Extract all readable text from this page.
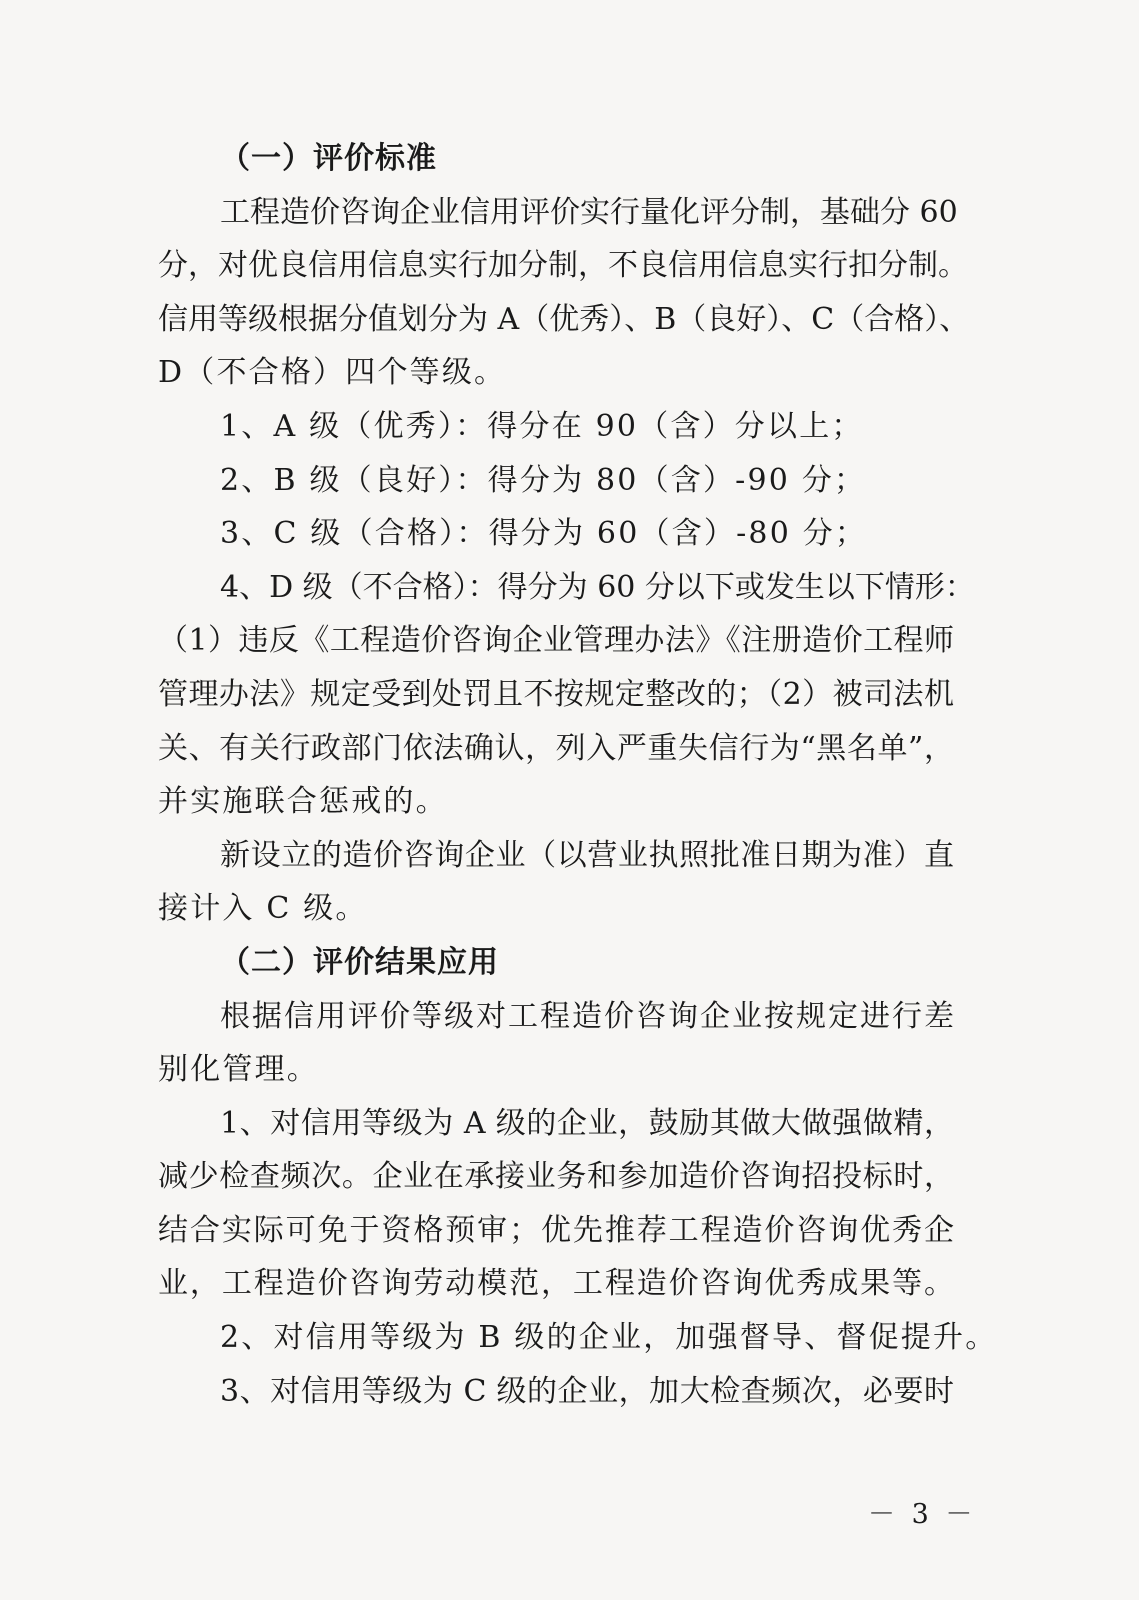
（一）评价标准
工程造价咨询企业信用评价实行量化评分制，基础分 60
分，对优良信用信息实行加分制，不良信用信息实行扣分制。
信用等级根据分值划分为 A（优秀）、B（良好）、C（合格）、
D（不合格）四个等级。
1、A 级（优秀）：得分在 90（含）分以上；
2、B 级（良好）：得分为 80（含）-90 分；
3、C 级（合格）：得分为 60（含）-80 分；
4、D 级（不合格）：得分为 60 分以下或发生以下情形：
（1）违反《工程造价咨询企业管理办法》《注册造价工程师
管理办法》规定受到处罚且不按规定整改的；（2）被司法机
关、有关行政部门依法确认，列入严重失信行为“黑名单”，
并实施联合惩戒的。
新设立的造价咨询企业（以营业执照批准日期为准）直
接计入 C 级。
（二）评价结果应用
根据信用评价等级对工程造价咨询企业按规定进行差
别化管理。
1、对信用等级为 A 级的企业，鼓励其做大做强做精，
减少检查频次。企业在承接业务和参加造价咨询招投标时，
结合实际可免于资格预审；优先推荐工程造价咨询优秀企
业，工程造价咨询劳动模范，工程造价咨询优秀成果等。
2、对信用等级为 B 级的企业，加强督导、督促提升。
3、对信用等级为 C 级的企业，加大检查频次，必要时
－ 3 －
